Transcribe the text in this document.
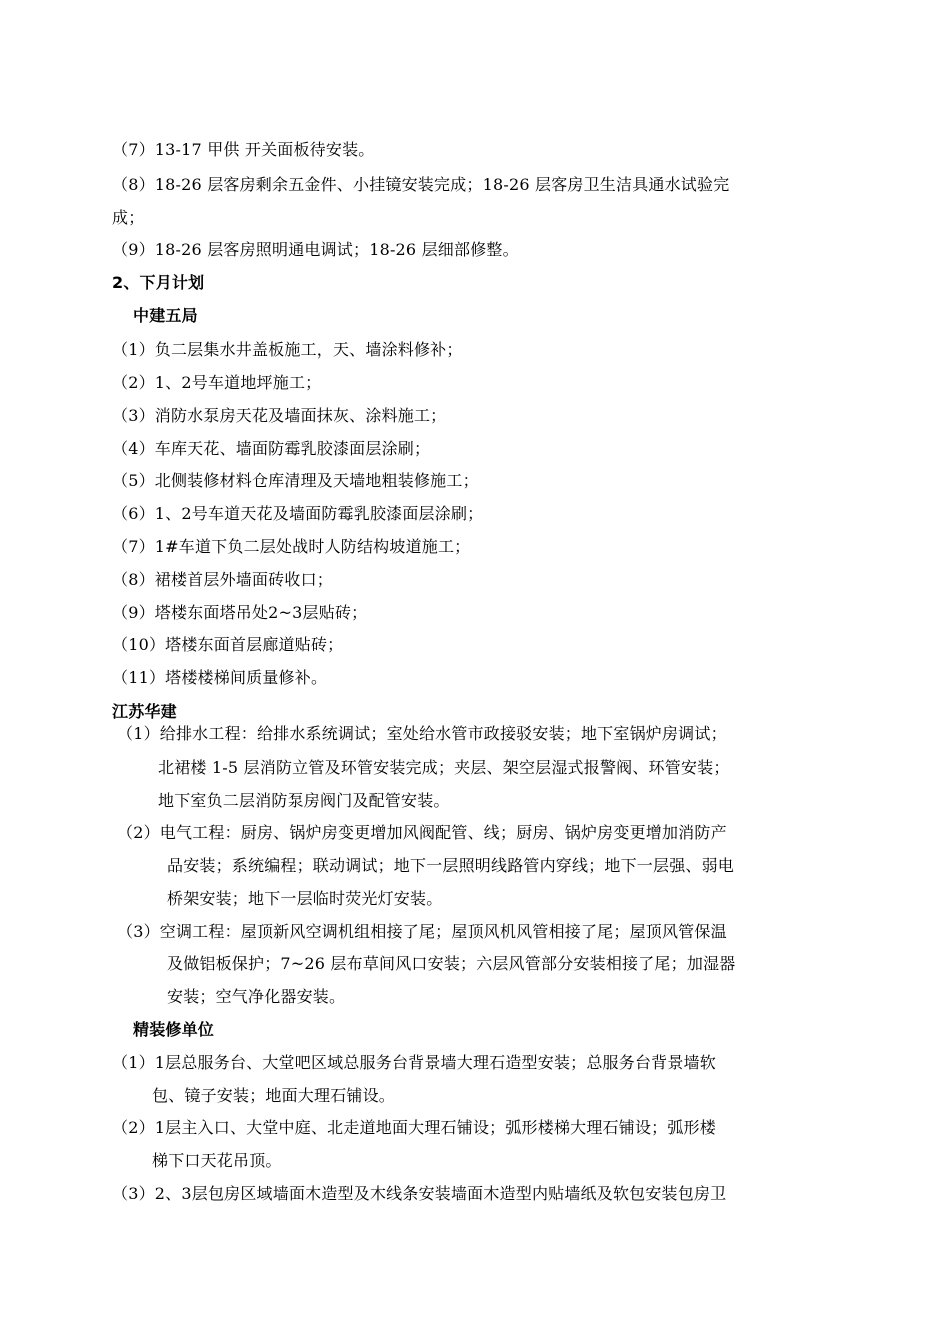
（7）13-17 甲供 开关面板待安装。

（8）18-26 层客房剩余五金件、小挂镜安装完成；18-26 层客房卫生洁具通水试验完

成；

（9）18-26 层客房照明通电调试；18-26 层细部修整。

2、下月计划

中建五局

（1）负二层集水井盖板施工，天、墙涂料修补；

（2）1、2号车道地坪施工；

（3）消防水泵房天花及墙面抹灰、涂料施工；

（4）车库天花、墙面防霉乳胶漆面层涂刷；

（5）北侧装修材料仓库清理及天墙地粗装修施工；

（6）1、2号车道天花及墙面防霉乳胶漆面层涂刷；

（7）1#车道下负二层处战时人防结构坡道施工；

（8）裙楼首层外墙面砖收口；

（9）塔楼东面塔吊处2~3层贴砖；

（10）塔楼东面首层廊道贴砖；

（11）塔楼楼梯间质量修补。

江苏华建

（1）给排水工程：给排水系统调试；室处给水管市政接驳安装；地下室锅炉房调试；

北裙楼 1-5 层消防立管及环管安装完成；夹层、架空层湿式报警阀、环管安装；

地下室负二层消防泵房阀门及配管安装。

（2）电气工程：厨房、锅炉房变更增加风阀配管、线；厨房、锅炉房变更增加消防产

品安装；系统编程；联动调试；地下一层照明线路管内穿线；地下一层强、弱电

桥架安装；地下一层临时荧光灯安装。

（3）空调工程：屋顶新风空调机组相接了尾；屋顶风机风管相接了尾；屋顶风管保温

及做铝板保护；7~26 层布草间风口安装；六层风管部分安装相接了尾；加湿器

安装；空气净化器安装。

精装修单位

（1）1层总服务台、大堂吧区域总服务台背景墙大理石造型安装；总服务台背景墙软

包、镜子安装；地面大理石铺设。

（2）1层主入口、大堂中庭、北走道地面大理石铺设；弧形楼梯大理石铺设；弧形楼

梯下口天花吊顶。

（3）2、3层包房区域墙面木造型及木线条安装墙面木造型内贴墙纸及软包安装包房卫
